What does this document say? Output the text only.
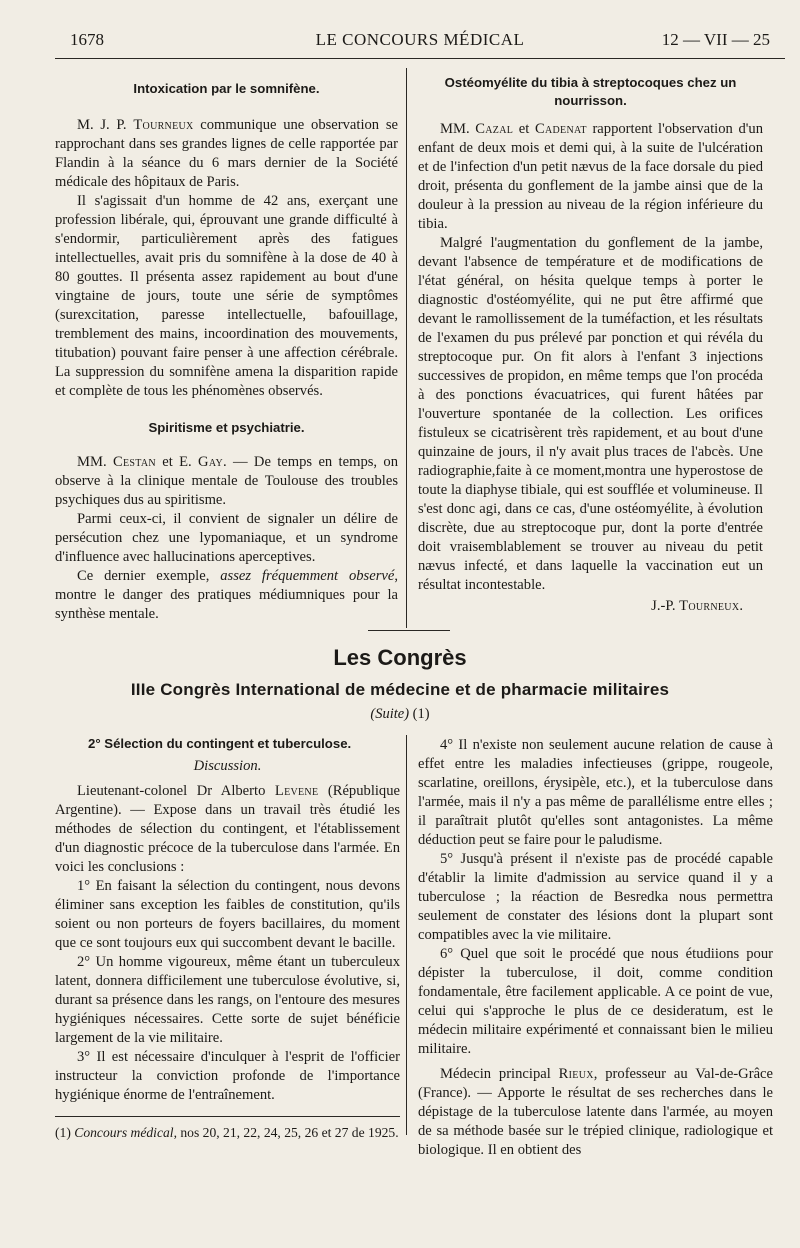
1678	LE CONCOURS MÉDICAL	12 — VII — 25
Intoxication par le somnifène.

M. J. P. Tourneux communique une observation se rapprochant dans ses grandes lignes de celle rapportée par Flandin à la séance du 6 mars dernier de la Société médicale des hôpitaux de Paris.

Il s'agissait d'un homme de 42 ans, exerçant une profession libérale, qui, éprouvant une grande difficulté à s'endormir, particulièrement après des fatigues intellectuelles, avait pris du somnifène à la dose de 40 à 80 gouttes. Il présenta assez rapidement au bout d'une vingtaine de jours, toute une série de symptômes (surexcitation, paresse intellectuelle, bafouillage, tremblement des mains, incoordination des mouvements, titubation) pouvant faire penser à une affection cérébrale. La suppression du somnifène amena la disparition rapide et complète de tous les phénomènes observés.

Spiritisme et psychiatrie.

MM. Cestan et E. Gay. — De temps en temps, on observe à la clinique mentale de Toulouse des troubles psychiques dus au spiritisme.

Parmi ceux-ci, il convient de signaler un délire de persécution chez une lypomaniaque, et un syndrome d'influence avec hallucinations aperceptives.

Ce dernier exemple, assez fréquemment observé, montre le danger des pratiques médiumniques pour la synthèse mentale.

Ostéomyélite du tibia à streptocoques chez un nourrisson.

MM. Cazal et Cadenat rapportent l'observation d'un enfant de deux mois et demi qui, à la suite de l'ulcération et de l'infection d'un petit nævus de la face dorsale du pied droit, présenta du gonflement de la jambe ainsi que de la douleur à la pression au niveau de la région inférieure du tibia.

Malgré l'augmentation du gonflement de la jambe, devant l'absence de température et de modifications de l'état général, on hésita quelque temps à porter le diagnostic d'ostéomyélite, qui ne put être affirmé que devant le ramollissement de la tuméfaction, et les résultats de l'examen du pus prélevé par ponction et qui révéla du streptocoque pur. On fit alors à l'enfant 3 injections successives de propidon, en même temps que l'on procéda à des ponctions évacuatrices, qui furent hâtées par l'ouverture spontanée de la collection. Les orifices fistuleux se cicatrisèrent très rapidement, et au bout d'une quinzaine de jours, il n'y avait plus traces de l'abcès. Une radiographie,faite à ce moment,montra une hyperostose de toute la diaphyse tibiale, qui est soufflée et volumineuse. Il s'est donc agi, dans ce cas, d'une ostéomyélite, à évolution discrète, due au streptocoque pur, dont la porte d'entrée doit vraisemblablement se trouver au niveau du petit nævus infecté, et dans laquelle la vaccination eut un résultat incontestable.

J.-P. Tourneux.

Les Congrès
IIIe Congrès International de médecine et de pharmacie militaires
(Suite) (1)
2° Sélection du contingent et tuberculose.

Discussion.

Lieutenant-colonel Dr Alberto Levene (République Argentine). — Expose dans un travail très étudié les méthodes de sélection du contingent, et l'établissement d'un diagnostic précoce de la tuberculose dans l'armée. En voici les conclusions :

1° En faisant la sélection du contingent, nous devons éliminer sans exception les faibles de constitution, qu'ils soient ou non porteurs de foyers bacillaires, du moment que ce sont toujours eux qui succombent devant le bacille.

2° Un homme vigoureux, même étant un tuberculeux latent, donnera difficilement une tuberculose évolutive, si, durant sa présence dans les rangs, on l'entoure des mesures hygiéniques nécessaires. Cette sorte de sujet bénéficie largement de la vie militaire.

3° Il est nécessaire d'inculquer à l'esprit de l'officier instructeur la conviction profonde de l'importance hygiénique énorme de l'entraînement.

(1) Concours médical, nos 20, 21, 22, 24, 25, 26 et 27 de 1925.

4° Il n'existe non seulement aucune relation de cause à effet entre les maladies infectieuses (grippe, rougeole, scarlatine, oreillons, érysipèle, etc.), et la tuberculose dans l'armée, mais il n'y a pas même de parallélisme entre elles ; il paraîtrait plutôt qu'elles sont antagonistes. La même déduction peut se faire pour le paludisme.

5° Jusqu'à présent il n'existe pas de procédé capable d'établir la limite d'admission au service quand il y a tuberculose ; la réaction de Besredka nous permettra seulement de constater des lésions dont la plupart sont compatibles avec la vie militaire.

6° Quel que soit le procédé que nous étudiions pour dépister la tuberculose, il doit, comme condition fondamentale, être facilement applicable. A ce point de vue, celui qui s'approche le plus de ce desideratum, est le médecin militaire expérimenté et connaissant bien le milieu militaire.

Médecin principal Rieux, professeur au Val-de-Grâce (France). — Apporte le résultat de ses recherches dans le dépistage de la tuberculose latente dans l'armée, au moyen de sa méthode basée sur le trépied clinique, radiologique et biologique. Il en obtient des
